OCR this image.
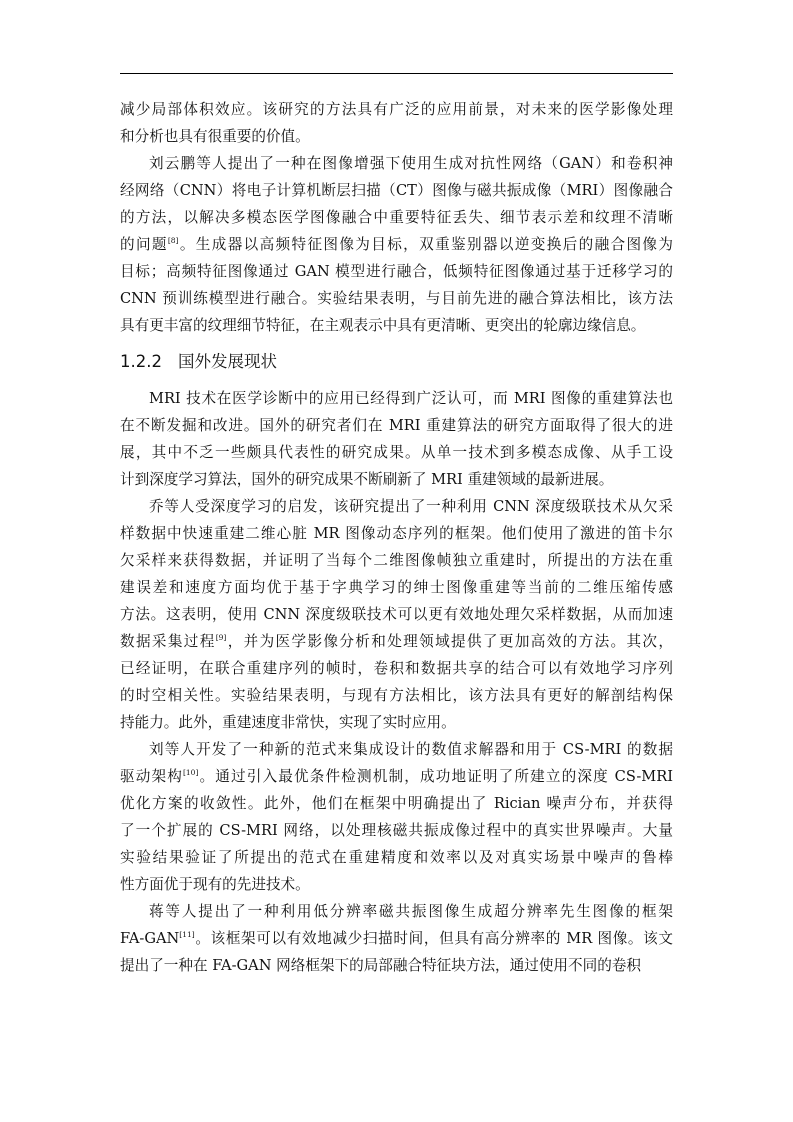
减少局部体积效应。该研究的方法具有广泛的应用前景，对未来的医学影像处理
和分析也具有很重要的价值。
刘云鹏等人提出了一种在图像增强下使用生成对抗性网络（GAN）和卷积神
经网络（CNN）将电子计算机断层扫描（CT）图像与磁共振成像（MRI）图像融合
的方法，以解决多模态医学图像融合中重要特征丢失、细节表示差和纹理不清晰
的问题[8]。生成器以高频特征图像为目标，双重鉴别器以逆变换后的融合图像为
目标；高频特征图像通过 GAN 模型进行融合，低频特征图像通过基于迁移学习的
CNN 预训练模型进行融合。实验结果表明，与目前先进的融合算法相比，该方法
具有更丰富的纹理细节特征，在主观表示中具有更清晰、更突出的轮廓边缘信息。
1.2.2 国外发展现状
MRI 技术在医学诊断中的应用已经得到广泛认可，而 MRI 图像的重建算法也
在不断发掘和改进。国外的研究者们在 MRI 重建算法的研究方面取得了很大的进
展，其中不乏一些颇具代表性的研究成果。从单一技术到多模态成像、从手工设
计到深度学习算法，国外的研究成果不断刷新了 MRI 重建领域的最新进展。
乔等人受深度学习的启发，该研究提出了一种利用 CNN 深度级联技术从欠采
样数据中快速重建二维心脏 MR 图像动态序列的框架。他们使用了激进的笛卡尔
欠采样来获得数据，并证明了当每个二维图像帧独立重建时，所提出的方法在重
建误差和速度方面均优于基于字典学习的绅士图像重建等当前的二维压缩传感
方法。这表明，使用 CNN 深度级联技术可以更有效地处理欠采样数据，从而加速
数据采集过程[9]，并为医学影像分析和处理领域提供了更加高效的方法。其次，
已经证明，在联合重建序列的帧时，卷积和数据共享的结合可以有效地学习序列
的时空相关性。实验结果表明，与现有方法相比，该方法具有更好的解剖结构保
持能力。此外，重建速度非常快，实现了实时应用。
刘等人开发了一种新的范式来集成设计的数值求解器和用于 CS-MRI 的数据
驱动架构[10]。通过引入最优条件检测机制，成功地证明了所建立的深度 CS-MRI
优化方案的收敛性。此外，他们在框架中明确提出了 Rician 噪声分布，并获得
了一个扩展的 CS-MRI 网络，以处理核磁共振成像过程中的真实世界噪声。大量
实验结果验证了所提出的范式在重建精度和效率以及对真实场景中噪声的鲁棒
性方面优于现有的先进技术。
蒋等人提出了一种利用低分辨率磁共振图像生成超分辨率先生图像的框架
FA-GAN[11]。该框架可以有效地减少扫描时间，但具有高分辨率的 MR 图像。该文
提出了一种在 FA-GAN 网络框架下的局部融合特征块方法，通过使用不同的卷积
